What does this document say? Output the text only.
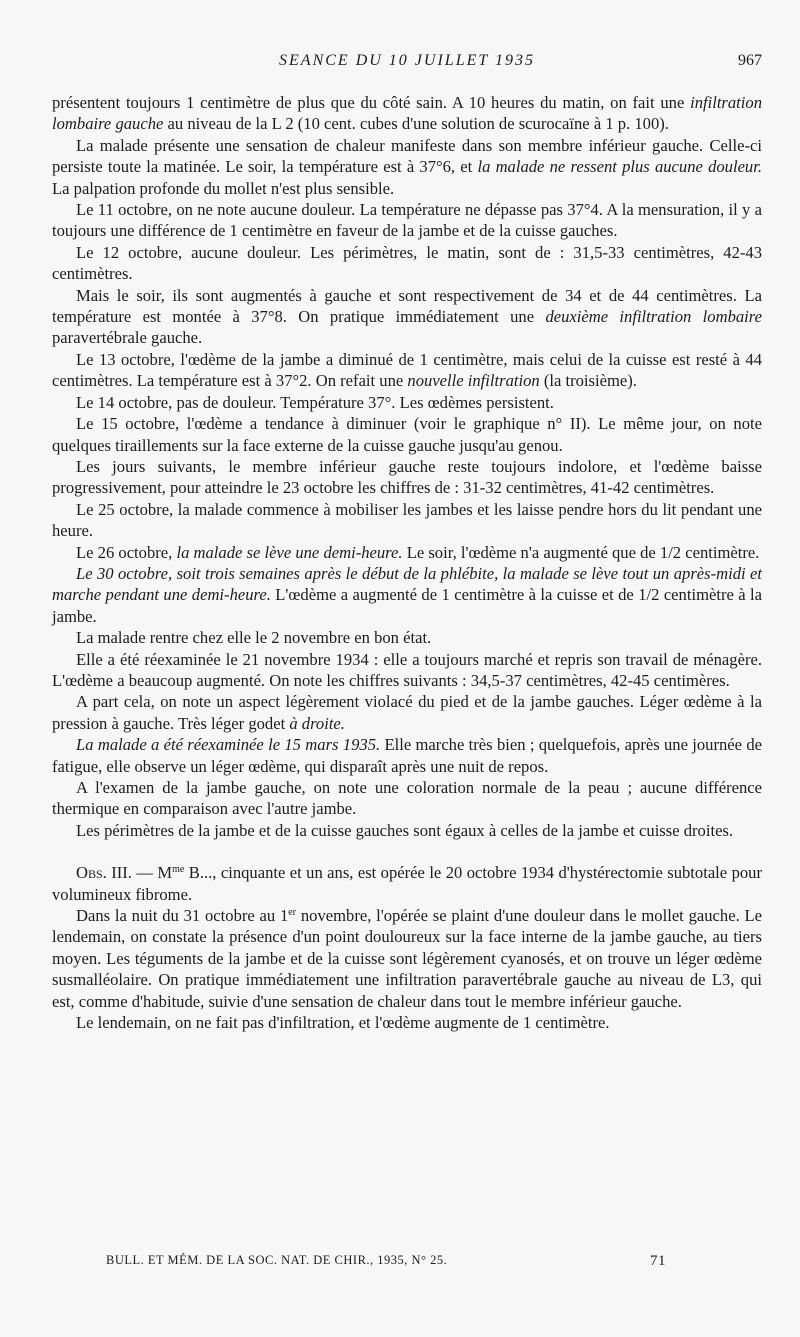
SEANCE DU 10 JUILLET 1935	967

présentent toujours 1 centimètre de plus que du côté sain. A 10 heures du matin, on fait une infiltration lombaire gauche au niveau de la L 2 (10 cent. cubes d'une solution de scurocaïne à 1 p. 100).

La malade présente une sensation de chaleur manifeste dans son membre inférieur gauche. Celle-ci persiste toute la matinée. Le soir, la température est à 37°6, et la malade ne ressent plus aucune douleur. La palpation profonde du mollet n'est plus sensible.

Le 11 octobre, on ne note aucune douleur. La température ne dépasse pas 37°4. A la mensuration, il y a toujours une différence de 1 centimètre en faveur de la jambe et de la cuisse gauches.

Le 12 octobre, aucune douleur. Les périmètres, le matin, sont de : 31,5-33 centimètres, 42-43 centimètres.

Mais le soir, ils sont augmentés à gauche et sont respectivement de 34 et de 44 centimètres. La température est montée à 37°8. On pratique immédiatement une deuxième infiltration lombaire paravertébrale gauche.

Le 13 octobre, l'œdème de la jambe a diminué de 1 centimètre, mais celui de la cuisse est resté à 44 centimètres. La température est à 37°2. On refait une nouvelle infiltration (la troisième).

Le 14 octobre, pas de douleur. Température 37°. Les œdèmes persistent.

Le 15 octobre, l'œdème a tendance à diminuer (voir le graphique n° II). Le même jour, on note quelques tiraillements sur la face externe de la cuisse gauche jusqu'au genou.

Les jours suivants, le membre inférieur gauche reste toujours indolore, et l'œdème baisse progressivement, pour atteindre le 23 octobre les chiffres de : 31-32 centimètres, 41-42 centimètres.

Le 25 octobre, la malade commence à mobiliser les jambes et les laisse pendre hors du lit pendant une heure.

Le 26 octobre, la malade se lève une demi-heure. Le soir, l'œdème n'a augmenté que de 1/2 centimètre.

Le 30 octobre, soit trois semaines après le début de la phlébite, la malade se lève tout un après-midi et marche pendant une demi-heure. L'œdème a augmenté de 1 centimètre à la cuisse et de 1/2 centimètre à la jambe.

La malade rentre chez elle le 2 novembre en bon état.

Elle a été réexaminée le 21 novembre 1934 : elle a toujours marché et repris son travail de ménagère. L'œdème a beaucoup augmenté. On note les chiffres suivants : 34,5-37 centimètres, 42-45 centimères.

A part cela, on note un aspect légèrement violacé du pied et de la jambe gauches. Léger œdème à la pression à gauche. Très léger godet à droite.

La malade a été réexaminée le 15 mars 1935. Elle marche très bien ; quelquefois, après une journée de fatigue, elle observe un léger œdème, qui disparaît après une nuit de repos.

A l'examen de la jambe gauche, on note une coloration normale de la peau ; aucune différence thermique en comparaison avec l'autre jambe.

Les périmètres de la jambe et de la cuisse gauches sont égaux à celles de la jambe et cuisse droites.

Obs. III. — $M^{me}$ B..., cinquante et un ans, est opérée le 20 octobre 1934 d'hystérectomie subtotale pour volumineux fibrome.

Dans la nuit du 31 octobre au 1er novembre, l'opérée se plaint d'une douleur dans le mollet gauche. Le lendemain, on constate la présence d'un point douloureux sur la face interne de la jambe gauche, au tiers moyen. Les téguments de la jambe et de la cuisse sont légèrement cyanosés, et on trouve un léger œdème susmalléolaire. On pratique immédiatement une infiltration paravertébrale gauche au niveau de L3, qui est, comme d'habitude, suivie d'une sensation de chaleur dans tout le membre inférieur gauche.

Le lendemain, on ne fait pas d'infiltration, et l'œdème augmente de 1 centimètre.

BULL. ET MÉM. DE LA SOC. NAT. DE CHIR., 1935, N° 25.	71
